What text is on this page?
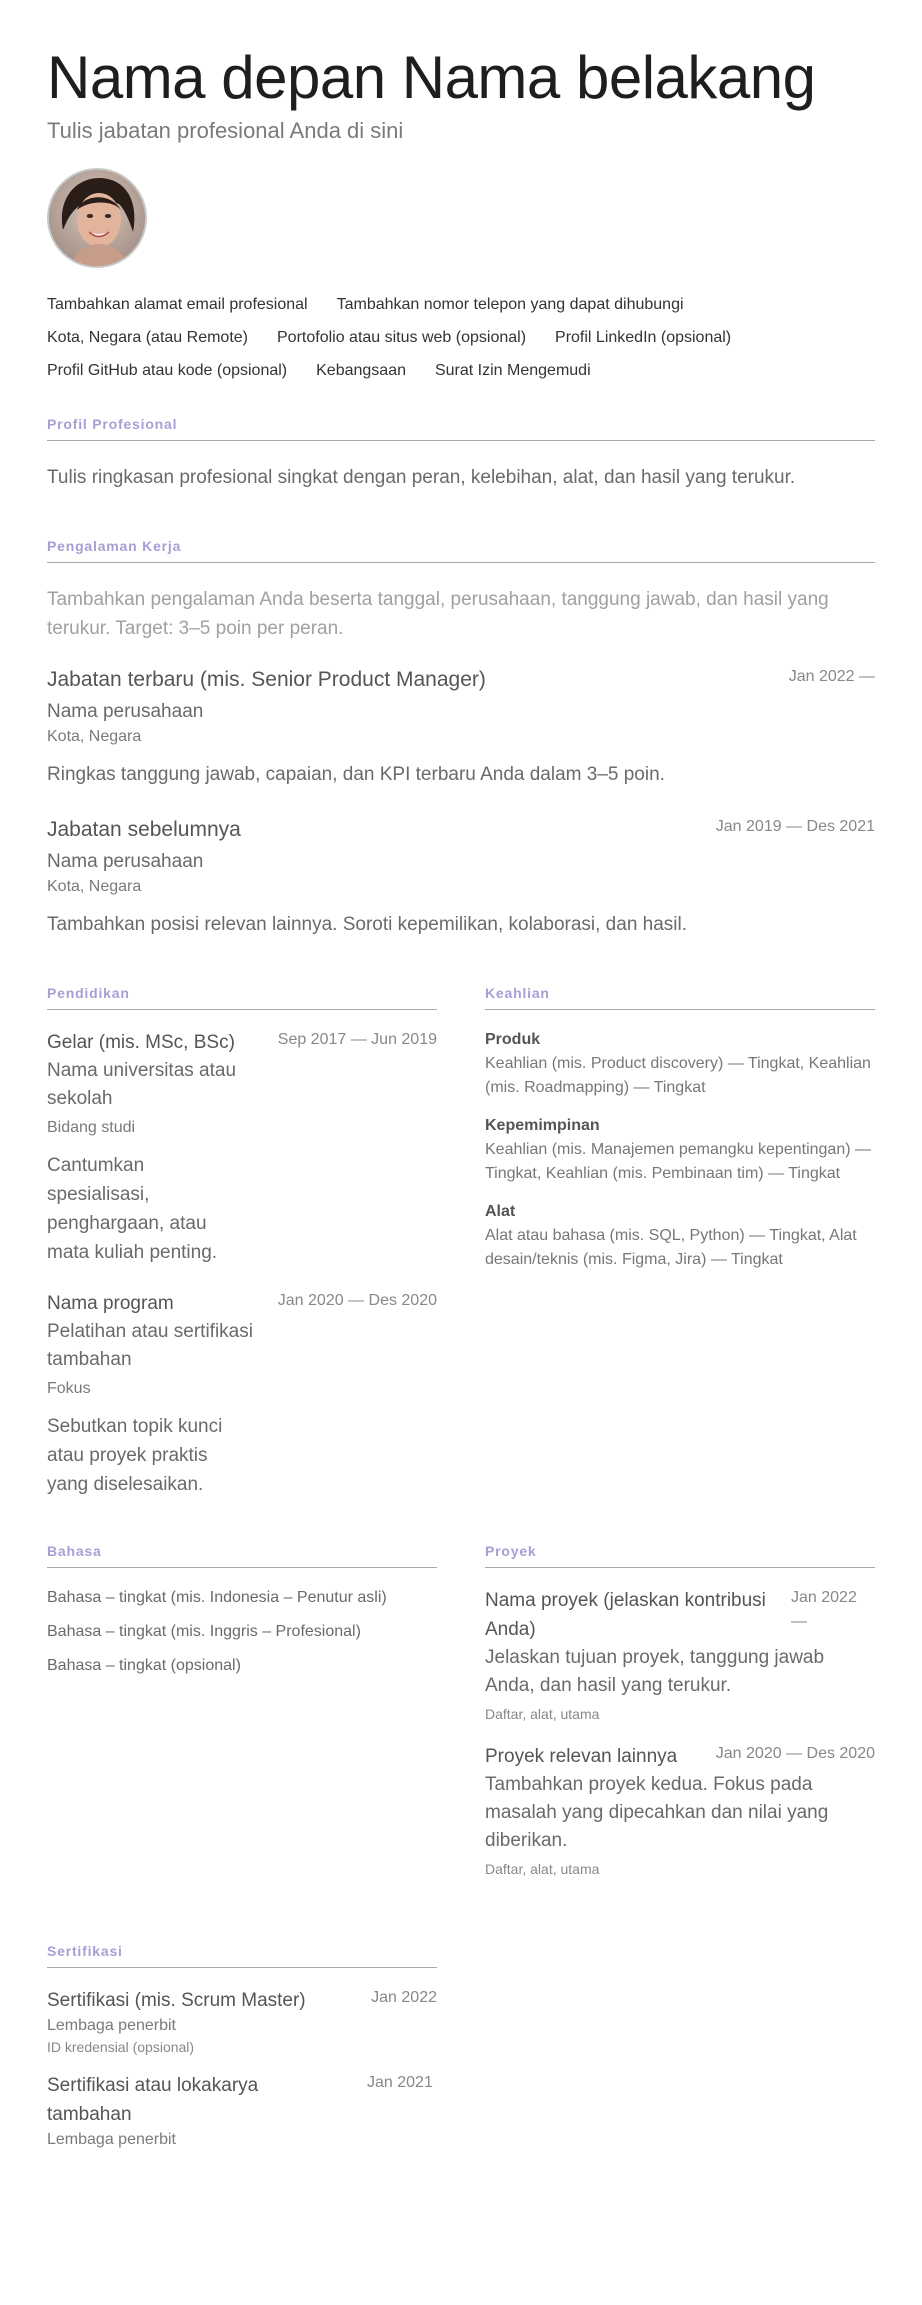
Nama depan Nama belakang
Tulis jabatan profesional Anda di sini
Tambahkan alamat email profesional Tambahkan nomor telepon yang dapat dihubungi
Kota, Negara (atau Remote) Portofolio atau situs web (opsional) Profil LinkedIn (opsional)
Profil GitHub atau kode (opsional) Kebangsaan Surat Izin Mengemudi
Profil Profesional
Tulis ringkasan profesional singkat dengan peran, kelebihan, alat, dan hasil yang terukur.
Pengalaman Kerja
Tambahkan pengalaman Anda beserta tanggal, perusahaan, tanggung jawab, dan hasil yang terukur. Target: 3–5 poin per peran.
Jabatan terbaru (mis. Senior Product Manager)	Jan 2022 —
Nama perusahaan
Kota, Negara
Ringkas tanggung jawab, capaian, dan KPI terbaru Anda dalam 3–5 poin.
Jabatan sebelumnya	Jan 2019 — Des 2021
Nama perusahaan
Kota, Negara
Tambahkan posisi relevan lainnya. Soroti kepemilikan, kolaborasi, dan hasil.
Pendidikan
Gelar (mis. MSc, BSc)	Sep 2017 — Jun 2019
Nama universitas atau sekolah
Bidang studi
Cantumkan spesialisasi, penghargaan, atau mata kuliah penting.
Nama program	Jan 2020 — Des 2020
Pelatihan atau sertifikasi tambahan
Fokus
Sebutkan topik kunci atau proyek praktis yang diselesaikan.
Keahlian
Produk
Keahlian (mis. Product discovery) — Tingkat, Keahlian (mis. Roadmapping) — Tingkat
Kepemimpinan
Keahlian (mis. Manajemen pemangku kepentingan) — Tingkat, Keahlian (mis. Pembinaan tim) — Tingkat
Alat
Alat atau bahasa (mis. SQL, Python) — Tingkat, Alat desain/teknis (mis. Figma, Jira) — Tingkat
Bahasa
Bahasa – tingkat (mis. Indonesia – Penutur asli)
Bahasa – tingkat (mis. Inggris – Profesional)
Bahasa – tingkat (opsional)
Proyek
Nama proyek (jelaskan kontribusi Anda)
Jan 2022 —
Jelaskan tujuan proyek, tanggung jawab Anda, dan hasil yang terukur.
Daftar, alat, utama
Proyek relevan lainnya Jan 2020 — Des 2020
Tambahkan proyek kedua. Fokus pada masalah yang dipecahkan dan nilai yang diberikan.
Daftar, alat, utama
Sertifikasi
Sertifikasi (mis. Scrum Master)	Jan 2022
Lembaga penerbit
ID kredensial (opsional)
Sertifikasi atau lokakarya tambahan
Jan 2021
Lembaga penerbit
